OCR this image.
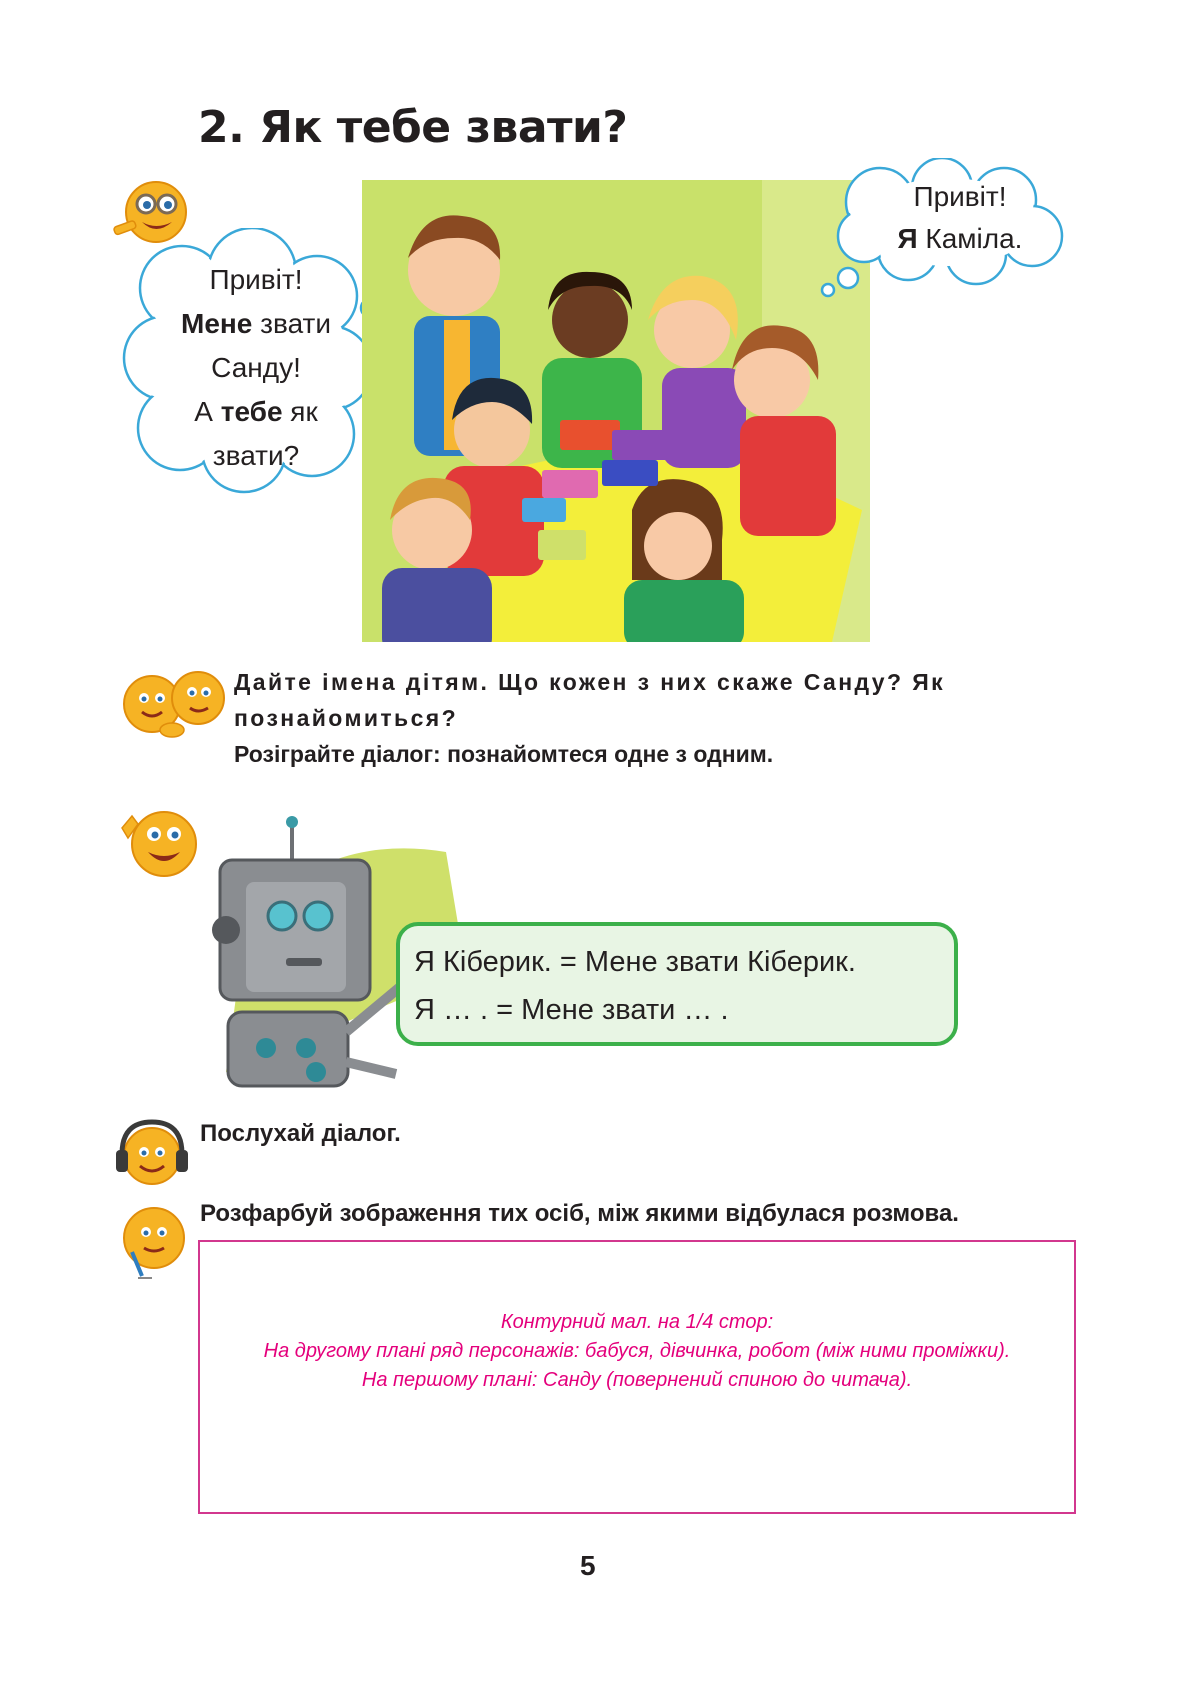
2. Як тебе звати?
Привіт!
Мене звати
Санду!
А тебе як
звати?
Привіт!
Я Каміла.
Дайте імена дітям. Що кожен з них скаже Санду? Як
познайомиться?
Розіграйте діалог: познайомтеся одне з одним.
Я Кіберик. = Мене звати Кіберик.
Я … . = Мене звати … .
Послухай діалог.
Розфарбуй зображення тих осіб, між якими відбулася розмова.
Контурний мал. на 1/4 стор:
На другому плані ряд персонажів: бабуся, дівчинка, робот (між ними проміжки).
На першому плані: Санду (повернений спиною до читача).
5
